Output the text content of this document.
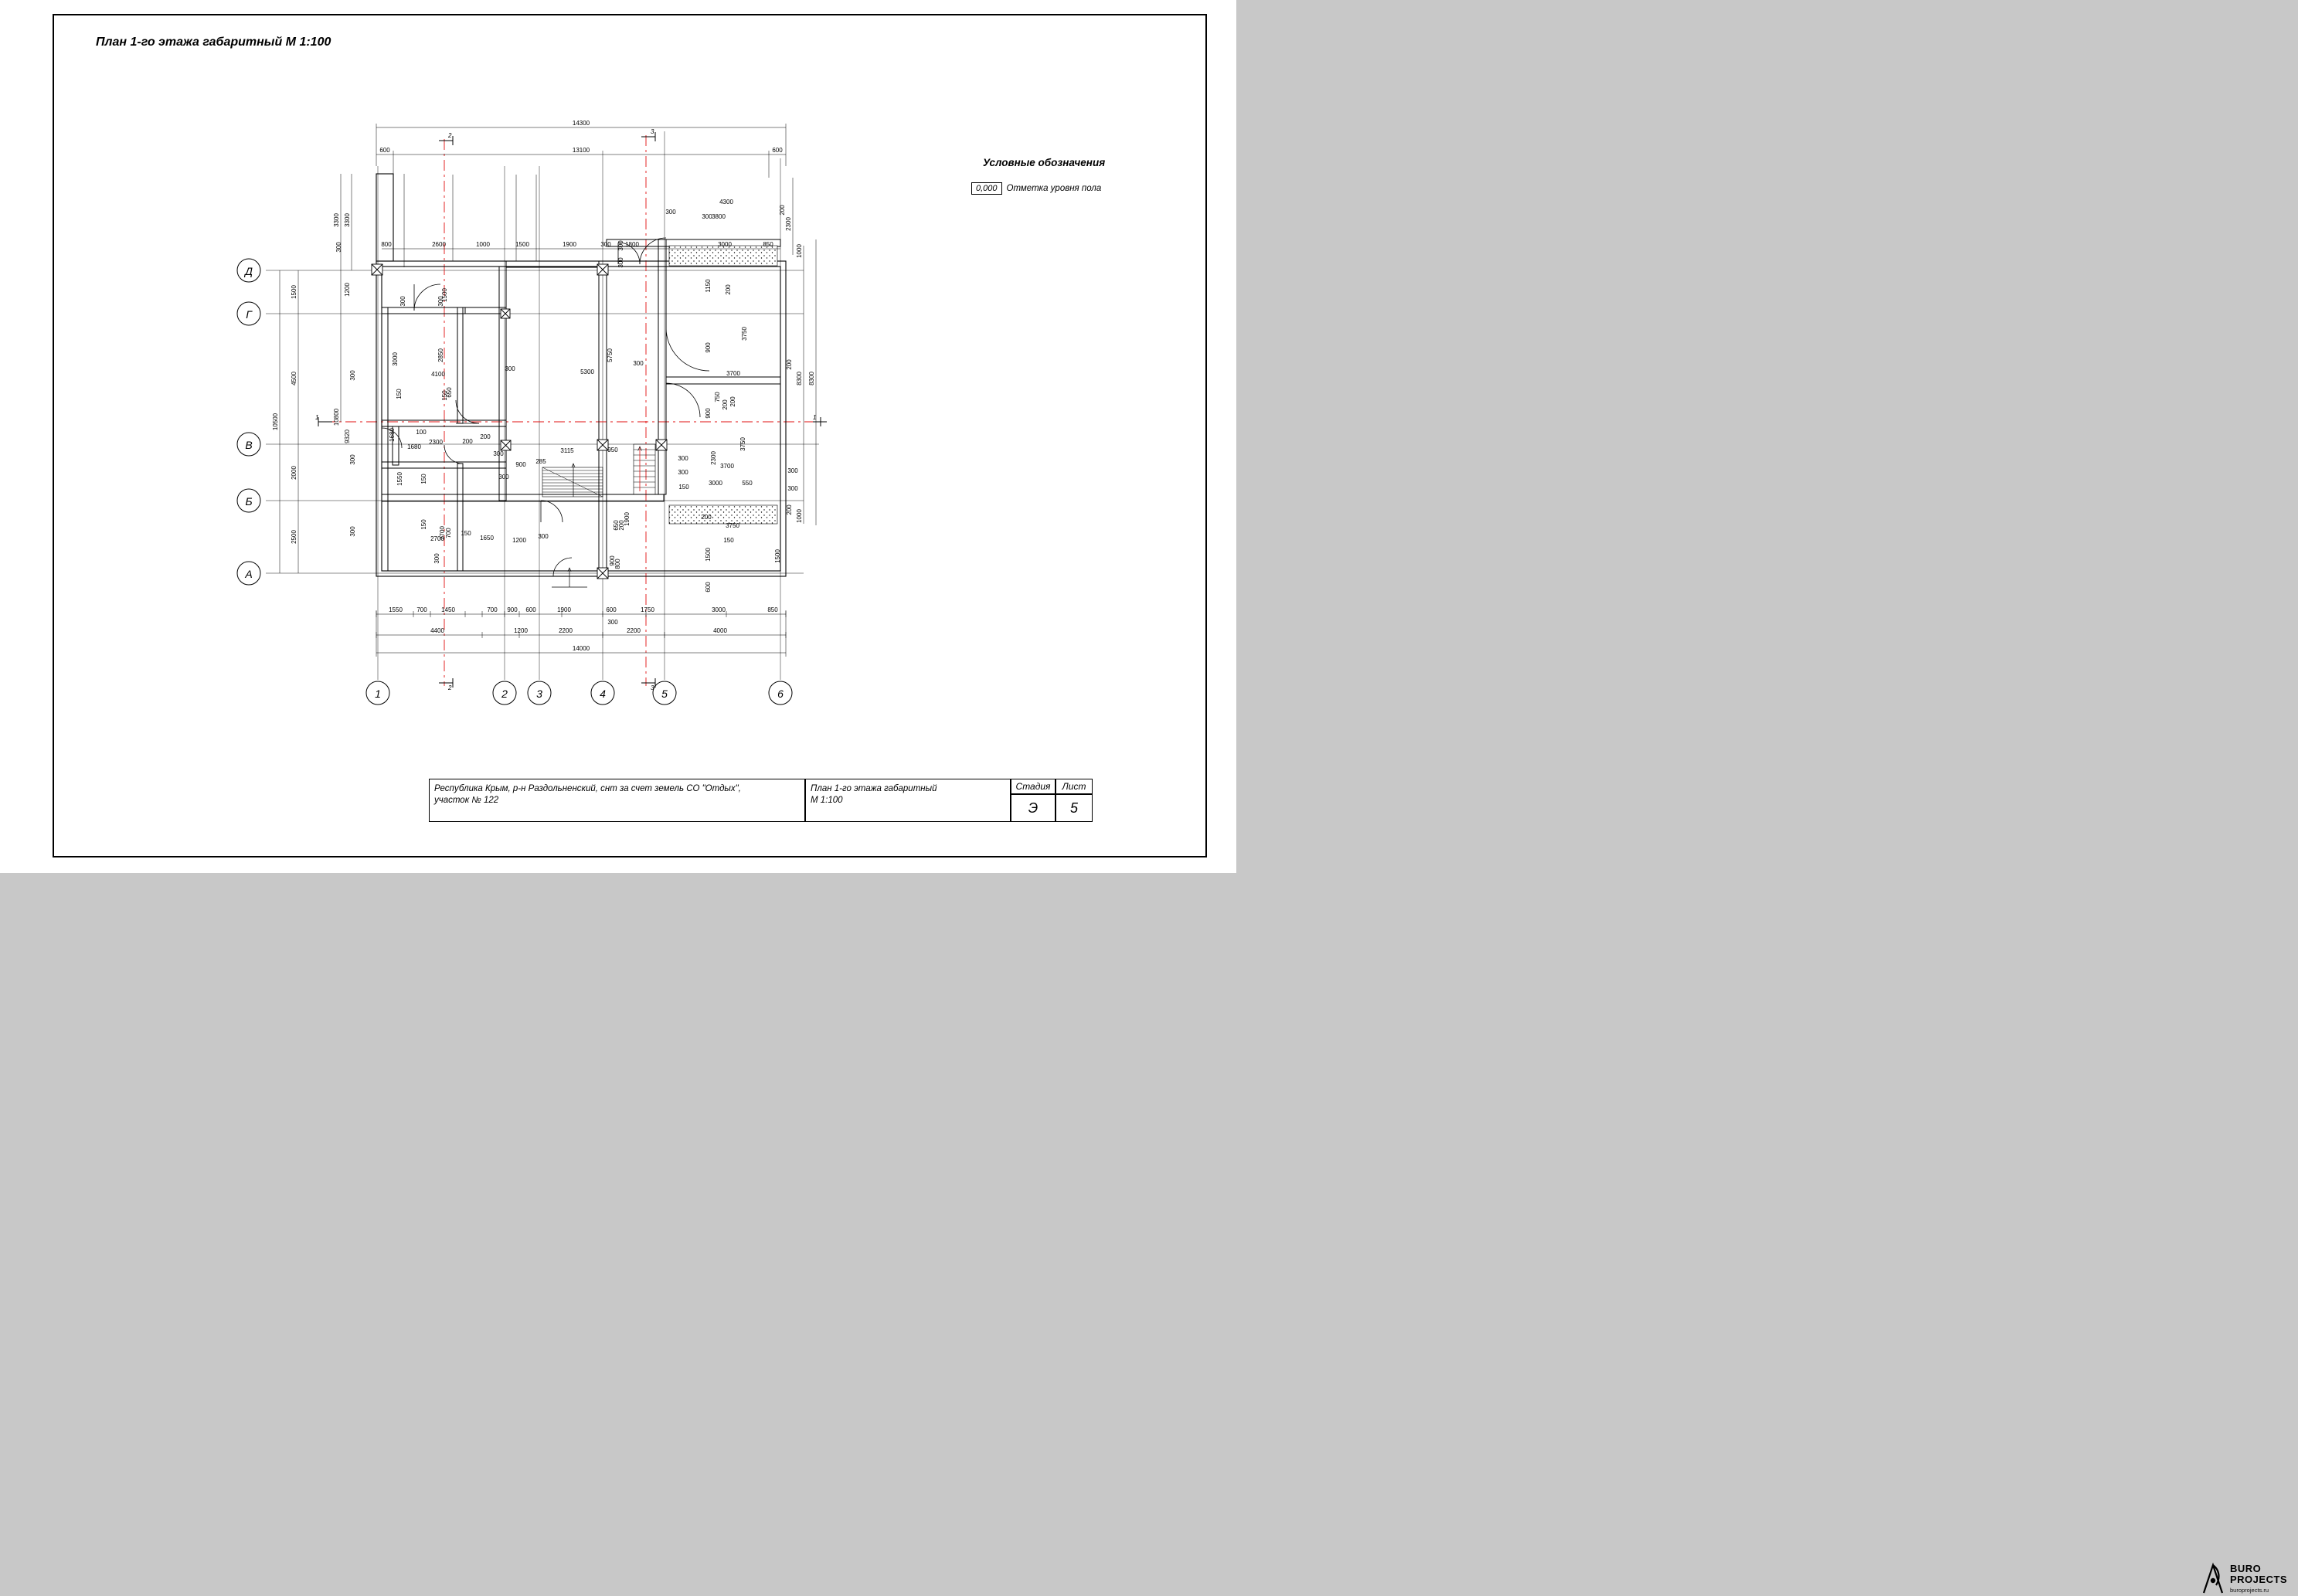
План 1-го этажа габаритный М 1:100
Условные обозначения
0,000	Отметка уровня пола
Д
Г
В
Б
А
1	2	3	4	5	6
1	1
2
2
3
3
14300
13100
600	600
2600	1000	1500	1900	300 1800
4300
300
3800
300
3000	850
800
1550 700 1450	700 900 600	1900	600	1750	3000	850
300
4400	1200	2200	2200	4000
14000
10500
1500
4500
2000
2500
10800
3300 3300
1200
300
9320
300
300
300
3000
1550	150
150
150
300	300
1500
2850
4100
650
150
100
2300
1680
1680	200
200
300
300
2700
2700 700
300
150
1650	1200
300
900 285
3115
300	5300
5750
300
300
950
300
650
200
1900
900
800
300
300
150
2300
3700
3000	550
300
300
3750
1150 200
900
900
750
200 200
3750
3700
200
200
8300 8300
2300
1000
200
1000
1500
1500
600
200
3750
150
Республика Крым, р-н Раздольненский, снт за счет земель СО "Отдых",
участок № 122
План 1-го этажа габаритный
М 1:100
Стадия	Лист
Э	5
BURO
PROJECTS
buroprojects.ru
